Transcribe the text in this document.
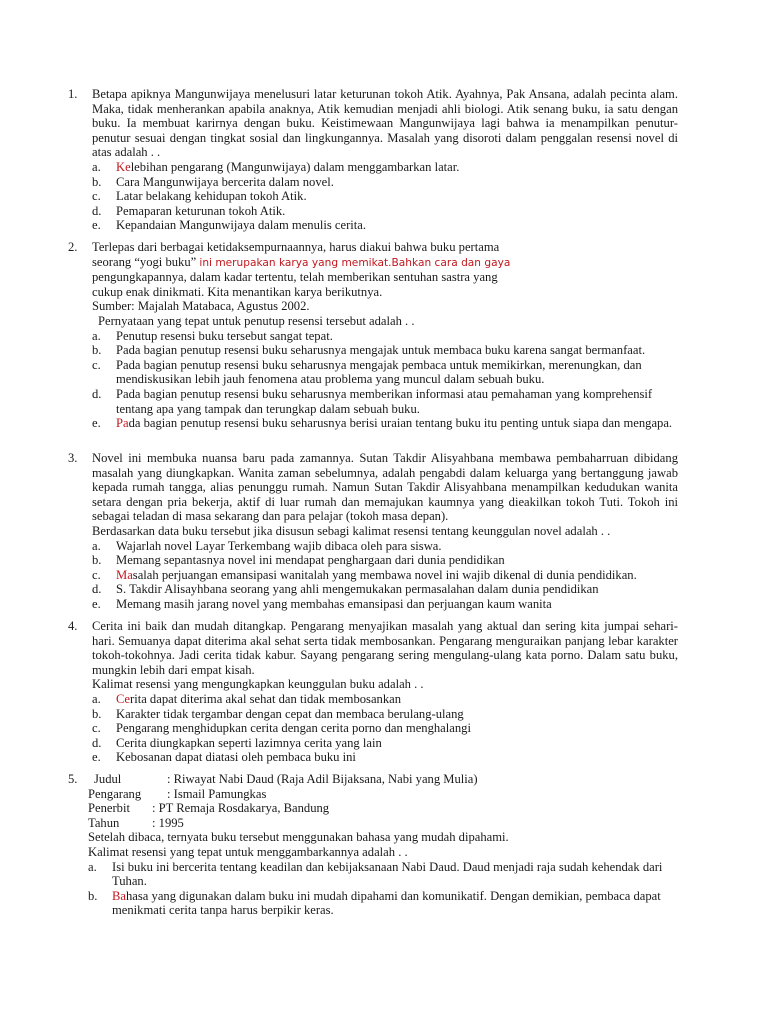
1. Betapa apiknya Mangunwijaya menelusuri latar keturunan tokoh Atik. Ayahnya, Pak Ansana, adalah pecinta alam. Maka, tidak menherankan apabila anaknya, Atik kemudian menjadi ahli biologi. Atik senang buku, ia satu dengan buku. Ia membuat karirnya dengan buku. Keistimewaan Mangunwijaya lagi bahwa ia menampilkan penutur-penutur sesuai dengan tingkat sosial dan lingkungannya. Masalah yang disoroti dalam penggalan resensi novel di atas adalah . .
a. Kelebihan pengarang (Mangunwijaya) dalam menggambarkan latar.
b. Cara Mangunwijaya bercerita dalam novel.
c. Latar belakang kehidupan tokoh Atik.
d. Pemaparan keturunan tokoh Atik.
e. Kepandaian Mangunwijaya dalam menulis cerita.
2. Terlepas dari berbagai ketidaksempurnaannya, harus diakui bahwa buku pertama
seorang “yogi buku” ini merupakan karya yang memikat.Bahkan cara dan gaya
pengungkapannya, dalam kadar tertentu, telah memberikan sentuhan sastra yang
cukup enak dinikmati. Kita menantikan karya berikutnya.
Sumber: Majalah Matabaca, Agustus 2002.
Pernyataan yang tepat untuk penutup resensi tersebut adalah . .
a. Penutup resensi buku tersebut sangat tepat.
b. Pada bagian penutup resensi buku seharusnya mengajak untuk membaca buku karena sangat bermanfaat.
c. Pada bagian penutup resensi buku seharusnya mengajak pembaca untuk memikirkan, merenungkan, dan mendiskusikan lebih jauh fenomena atau problema yang muncul dalam sebuah buku.
d. Pada bagian penutup resensi buku seharusnya memberikan informasi atau pemahaman yang komprehensif tentang apa yang tampak dan terungkap dalam sebuah buku.
e. Pada bagian penutup resensi buku seharusnya berisi uraian tentang buku itu penting untuk siapa dan mengapa.
3. Novel ini membuka nuansa baru pada zamannya. Sutan Takdir Alisyahbana membawa pembaharruan dibidang masalah yang diungkapkan. Wanita zaman sebelumnya, adalah pengabdi dalam keluarga yang bertanggung jawab kepada rumah tangga, alias penunggu rumah. Namun Sutan Takdir Alisyahbana menampilkan kedudukan wanita setara dengan pria bekerja, aktif di luar rumah dan memajukan kaumnya yang dieakilkan tokoh Tuti. Tokoh ini sebagai teladan di masa sekarang dan para pelajar (tokoh masa depan).
Berdasarkan data buku tersebut jika disusun sebagi kalimat resensi tentang keunggulan novel adalah . .
a. Wajarlah novel Layar Terkembang wajib dibaca oleh para siswa.
b. Memang sepantasnya novel ini mendapat penghargaan dari dunia pendidikan
c. Masalah perjuangan emansipasi wanitalah yang membawa novel ini wajib dikenal di dunia pendidikan.
d. S. Takdir Alisayhbana seorang yang ahli mengemukakan permasalahan dalam dunia pendidikan
e. Memang masih jarang novel yang membahas emansipasi dan perjuangan kaum wanita
4. Cerita ini baik dan mudah ditangkap. Pengarang menyajikan masalah yang aktual dan sering kita jumpai sehari-hari. Semuanya dapat diterima akal sehat serta tidak membosankan. Pengarang menguraikan panjang lebar karakter tokoh-tokohnya. Jadi cerita tidak kabur. Sayang pengarang sering mengulang-ulang kata porno. Dalam satu buku, mungkin lebih dari empat kisah.
Kalimat resensi yang mengungkapkan keunggulan buku adalah . .
a. Cerita dapat diterima akal sehat dan tidak membosankan
b. Karakter tidak tergambar dengan cepat dan membaca berulang-ulang
c. Pengarang menghidupkan cerita dengan cerita porno dan menghalangi
d. Cerita diungkapkan seperti lazimnya cerita yang lain
e. Kebosanan dapat diatasi oleh pembaca buku ini
5.	Judul	: Riwayat Nabi Daud (Raja Adil Bijaksana, Nabi yang Mulia)
Pengarang	: Ismail Pamungkas
Penerbit	: PT Remaja Rosdakarya, Bandung
Tahun	: 1995
Setelah dibaca, ternyata buku tersebut menggunakan bahasa yang mudah dipahami.
Kalimat resensi yang tepat untuk menggambarkannya adalah . .
a. Isi buku ini bercerita tentang keadilan dan kebijaksanaan Nabi Daud. Daud menjadi raja sudah kehendak dari Tuhan.
b. Bahasa yang digunakan dalam buku ini mudah dipahami dan komunikatif. Dengan demikian, pembaca dapat menikmati cerita tanpa harus berpikir keras.
